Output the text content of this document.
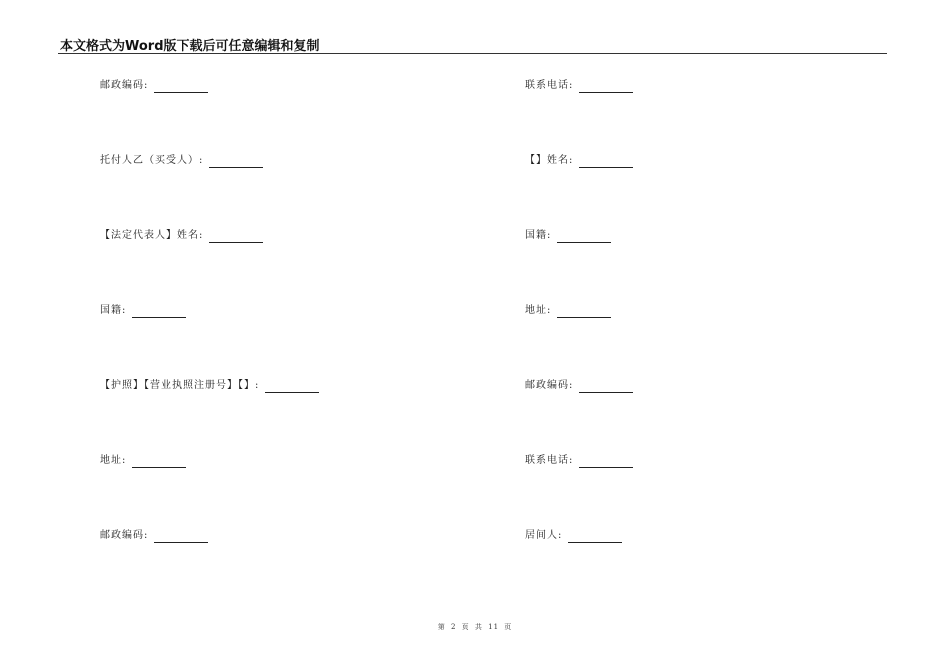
本文格式为Word版下载后可任意编辑和复制
邮政编码:
托付人乙（买受人）:
【法定代表人】姓名:
国籍:
【护照】【营业执照注册号】【】:
地址:
邮政编码:
联系电话:
【】姓名:
国籍:
地址:
邮政编码:
联系电话:
居间人:
第 2 页 共 11 页
